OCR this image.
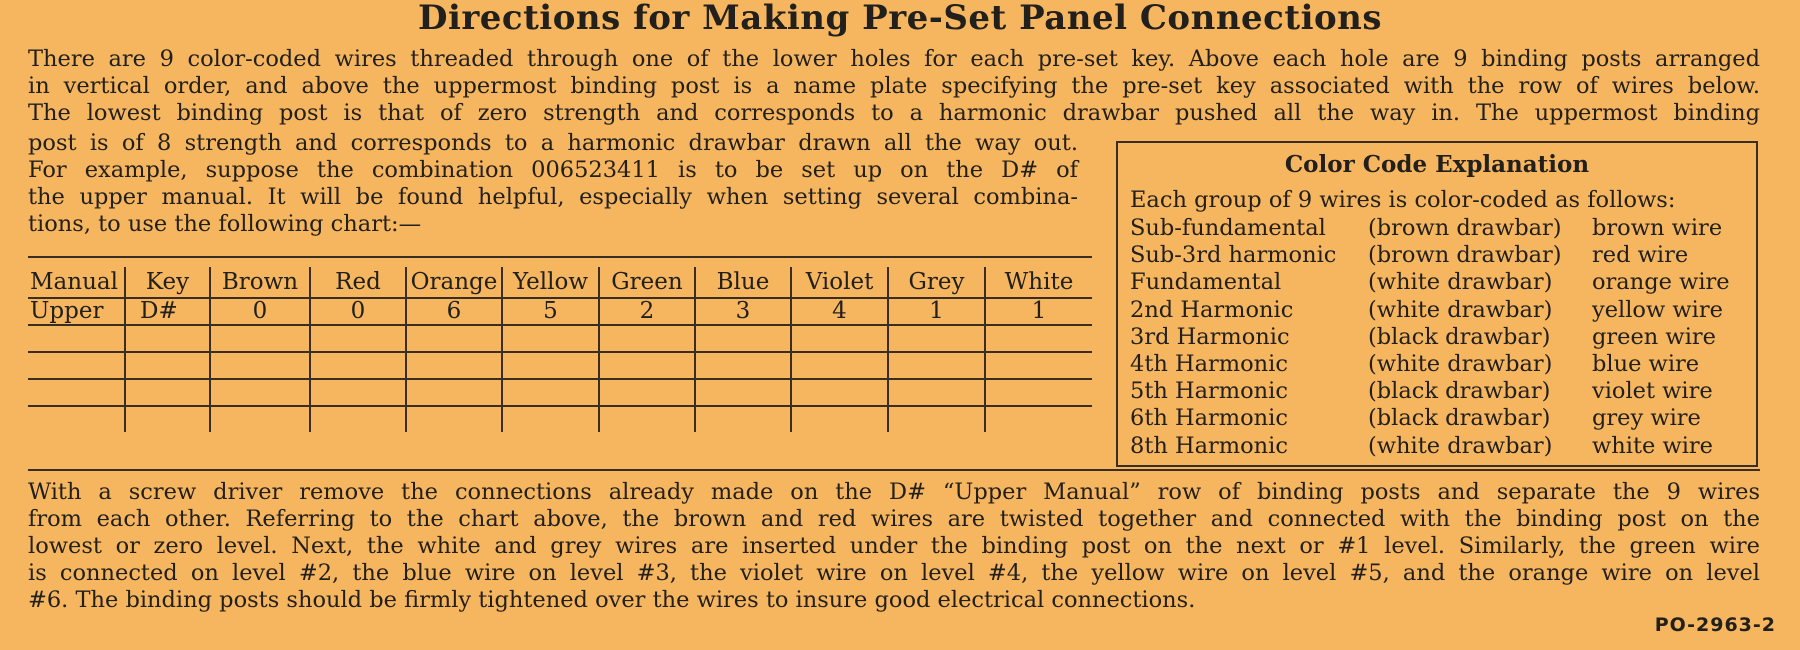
Directions for Making Pre-Set Panel Connections
There are 9 color-coded wires threaded through one of the lower holes for each pre-set key. Above each hole are 9 binding posts arranged
in vertical order, and above the uppermost binding post is a name plate specifying the pre-set key associated with the row of wires below.
The lowest binding post is that of zero strength and corresponds to a harmonic drawbar pushed all the way in. The uppermost binding
post is of 8 strength and corresponds to a harmonic drawbar drawn all the way out.
For example, suppose the combination 006523411 is to be set up on the D# of
the upper manual. It will be found helpful, especially when setting several combina-
tions, to use the following chart:—
Manual	Key	Brown	Red	Orange	Yellow	Green	Blue	Violet	Grey	White
Upper	D#	0	0	6	5	2	3	4	1	1

Color Code Explanation
Each group of 9 wires is color-coded as follows:
Sub-fundamental (brown drawbar) brown wire
Sub-3rd harmonic (brown drawbar) red wire
Fundamental	(white drawbar) orange wire
2nd Harmonic	(white drawbar) yellow wire
3rd Harmonic	(black drawbar) green wire
4th Harmonic	(white drawbar) blue wire
5th Harmonic	(black drawbar) violet wire
6th Harmonic	(black drawbar) grey wire
8th Harmonic	(white drawbar) white wire
With a screw driver remove the connections already made on the D# “Upper Manual” row of binding posts and separate the 9 wires
from each other. Referring to the chart above, the brown and red wires are twisted together and connected with the binding post on the
lowest or zero level. Next, the white and grey wires are inserted under the binding post on the next or #1 level. Similarly, the green wire
is connected on level #2, the blue wire on level #3, the violet wire on level #4, the yellow wire on level #5, and the orange wire on level
#6. The binding posts should be firmly tightened over the wires to insure good electrical connections.
PO-2963-2
